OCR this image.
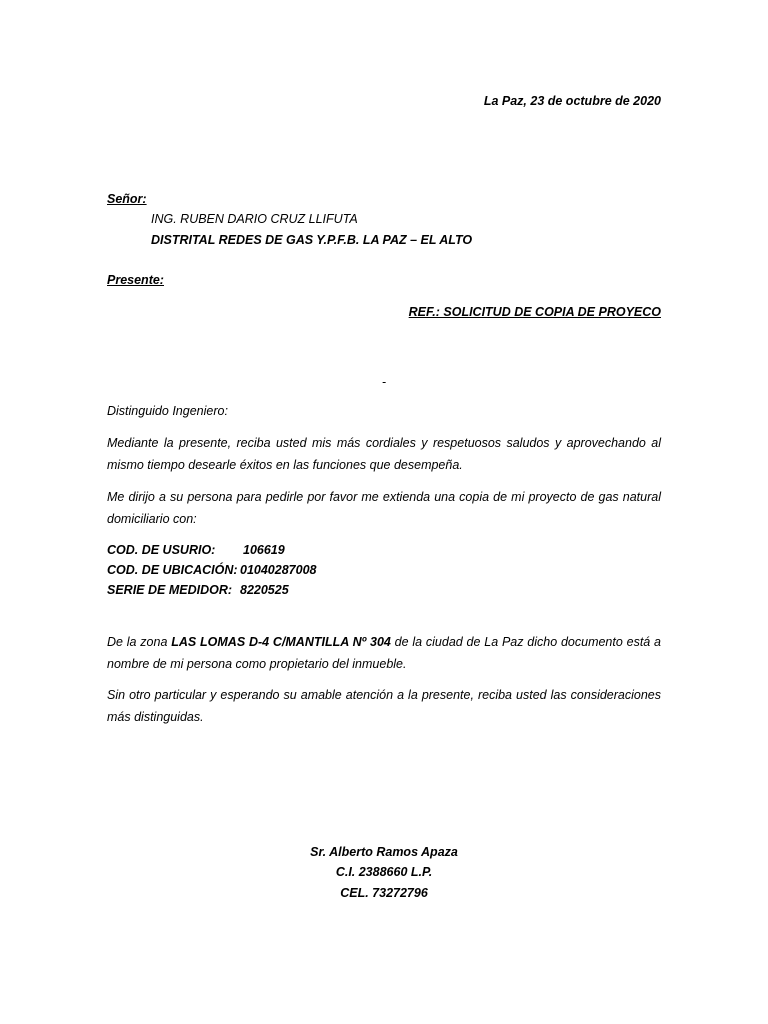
La Paz, 23 de octubre de 2020
Señor:
ING. RUBEN DARIO CRUZ LLIFUTA
DISTRITAL REDES DE GAS Y.P.F.B. LA PAZ – EL ALTO
Presente:
REF.: SOLICITUD DE COPIA DE PROYECO
-
Distinguido Ingeniero:
Mediante la presente, reciba usted mis más cordiales y respetuosos saludos y aprovechando al mismo tiempo desearle éxitos en las funciones que desempeña.
Me dirijo a su persona para pedirle por favor me extienda una copia de mi proyecto de gas natural domiciliario con:
COD. DE USURIO: 106619
COD. DE UBICACIÓN: 01040287008
SERIE DE MEDIDOR: 8220525
De la zona LAS LOMAS D-4 C/MANTILLA Nº 304 de la ciudad de La Paz dicho documento está a nombre de mi persona como propietario del inmueble.
Sin otro particular y esperando su amable atención a la presente, reciba usted las consideraciones más distinguidas.
Sr. Alberto Ramos Apaza
C.I. 2388660 L.P.
CEL. 73272796
